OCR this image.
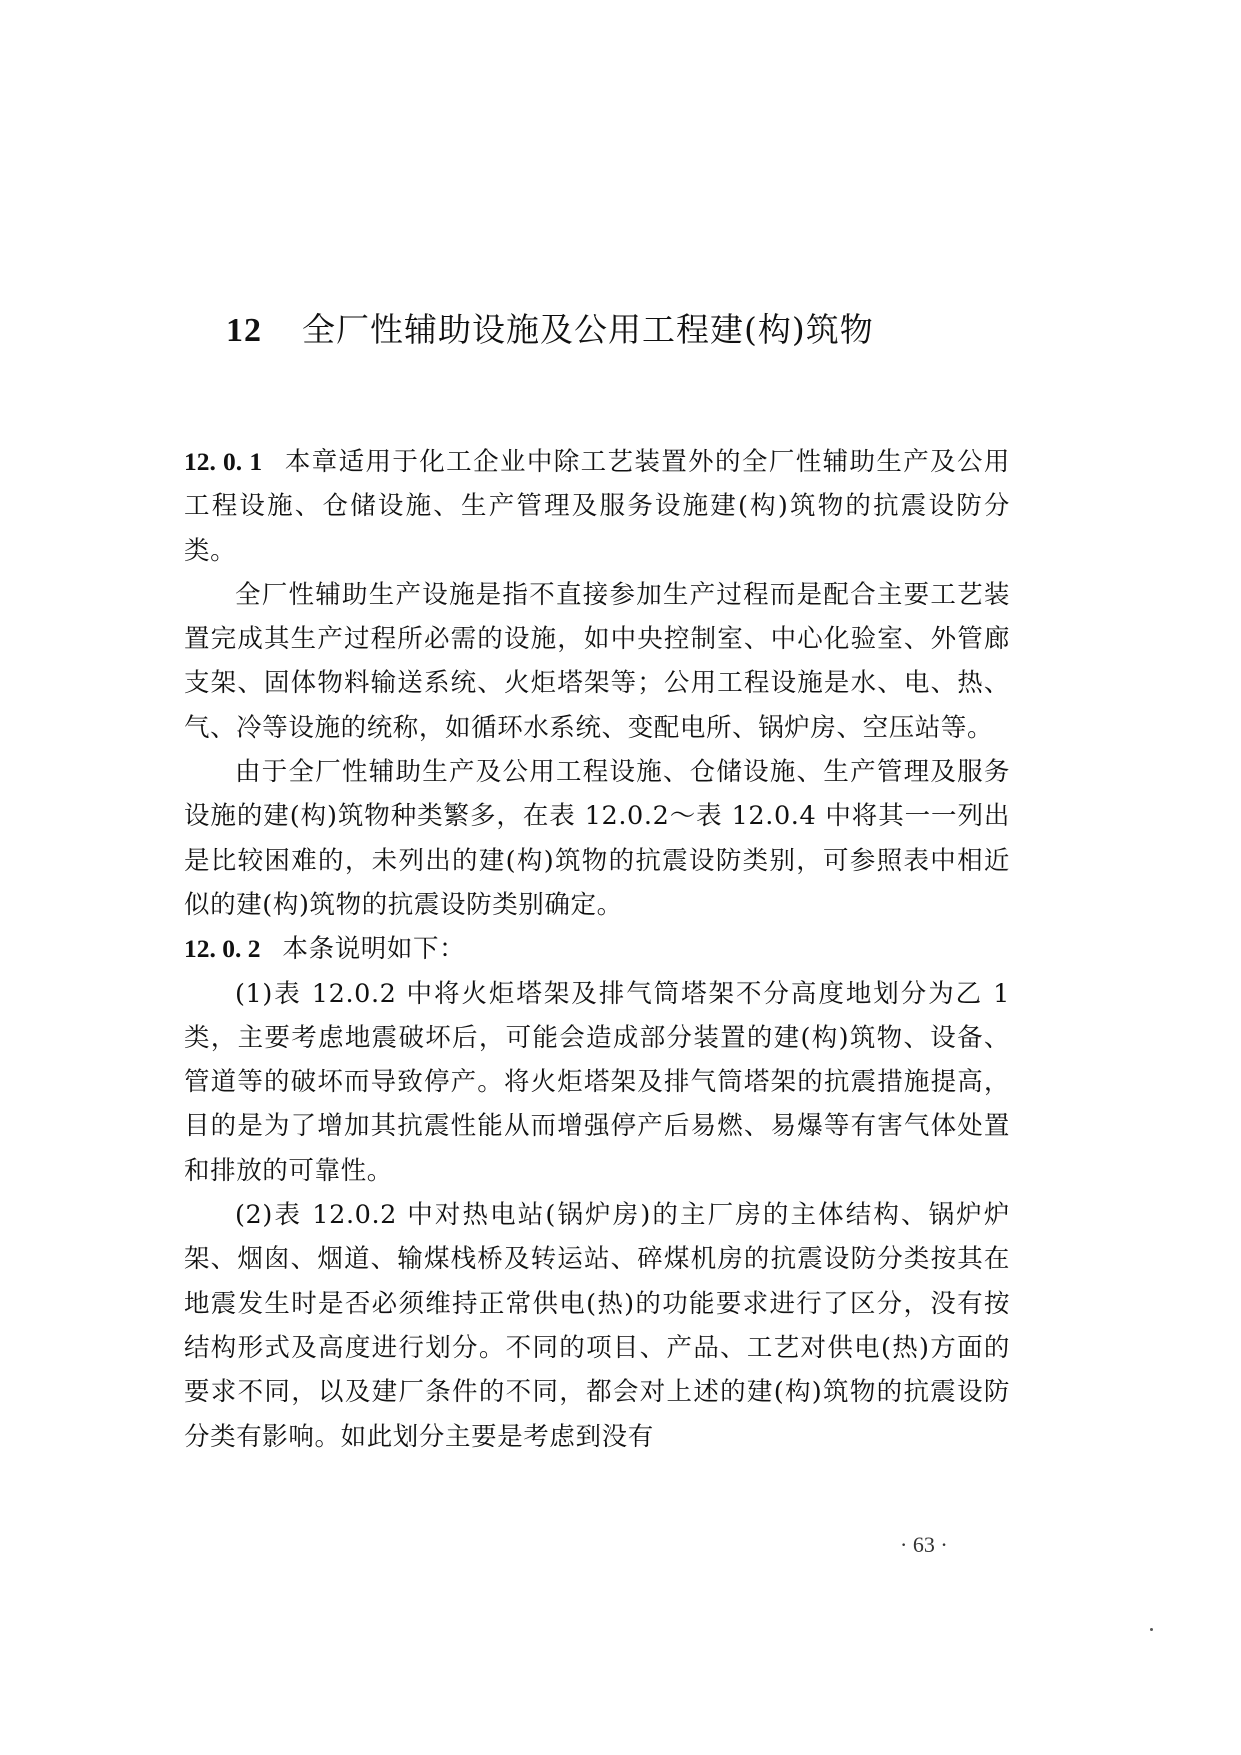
12 全厂性辅助设施及公用工程建(构)筑物

12. 0. 1 本章适用于化工企业中除工艺装置外的全厂性辅助生产及公用工程设施、仓储设施、生产管理及服务设施建(构)筑物的抗震设防分类。

全厂性辅助生产设施是指不直接参加生产过程而是配合主要工艺装置完成其生产过程所必需的设施，如中央控制室、中心化验室、外管廊支架、固体物料输送系统、火炬塔架等；公用工程设施是水、电、热、气、冷等设施的统称，如循环水系统、变配电所、锅炉房、空压站等。

由于全厂性辅助生产及公用工程设施、仓储设施、生产管理及服务设施的建(构)筑物种类繁多，在表 12.0.2～表 12.0.4 中将其一一列出是比较困难的，未列出的建(构)筑物的抗震设防类别，可参照表中相近似的建(构)筑物的抗震设防类别确定。

12. 0. 2 本条说明如下：

(1)表 12.0.2 中将火炬塔架及排气筒塔架不分高度地划分为乙 1 类，主要考虑地震破坏后，可能会造成部分装置的建(构)筑物、设备、管道等的破坏而导致停产。将火炬塔架及排气筒塔架的抗震措施提高，目的是为了增加其抗震性能从而增强停产后易燃、易爆等有害气体处置和排放的可靠性。

(2)表 12.0.2 中对热电站(锅炉房)的主厂房的主体结构、锅炉炉架、烟囱、烟道、输煤栈桥及转运站、碎煤机房的抗震设防分类按其在地震发生时是否必须维持正常供电(热)的功能要求进行了区分，没有按结构形式及高度进行划分。不同的项目、产品、工艺对供电(热)方面的要求不同，以及建厂条件的不同，都会对上述的建(构)筑物的抗震设防分类有影响。如此划分主要是考虑到没有

· 63 ·
